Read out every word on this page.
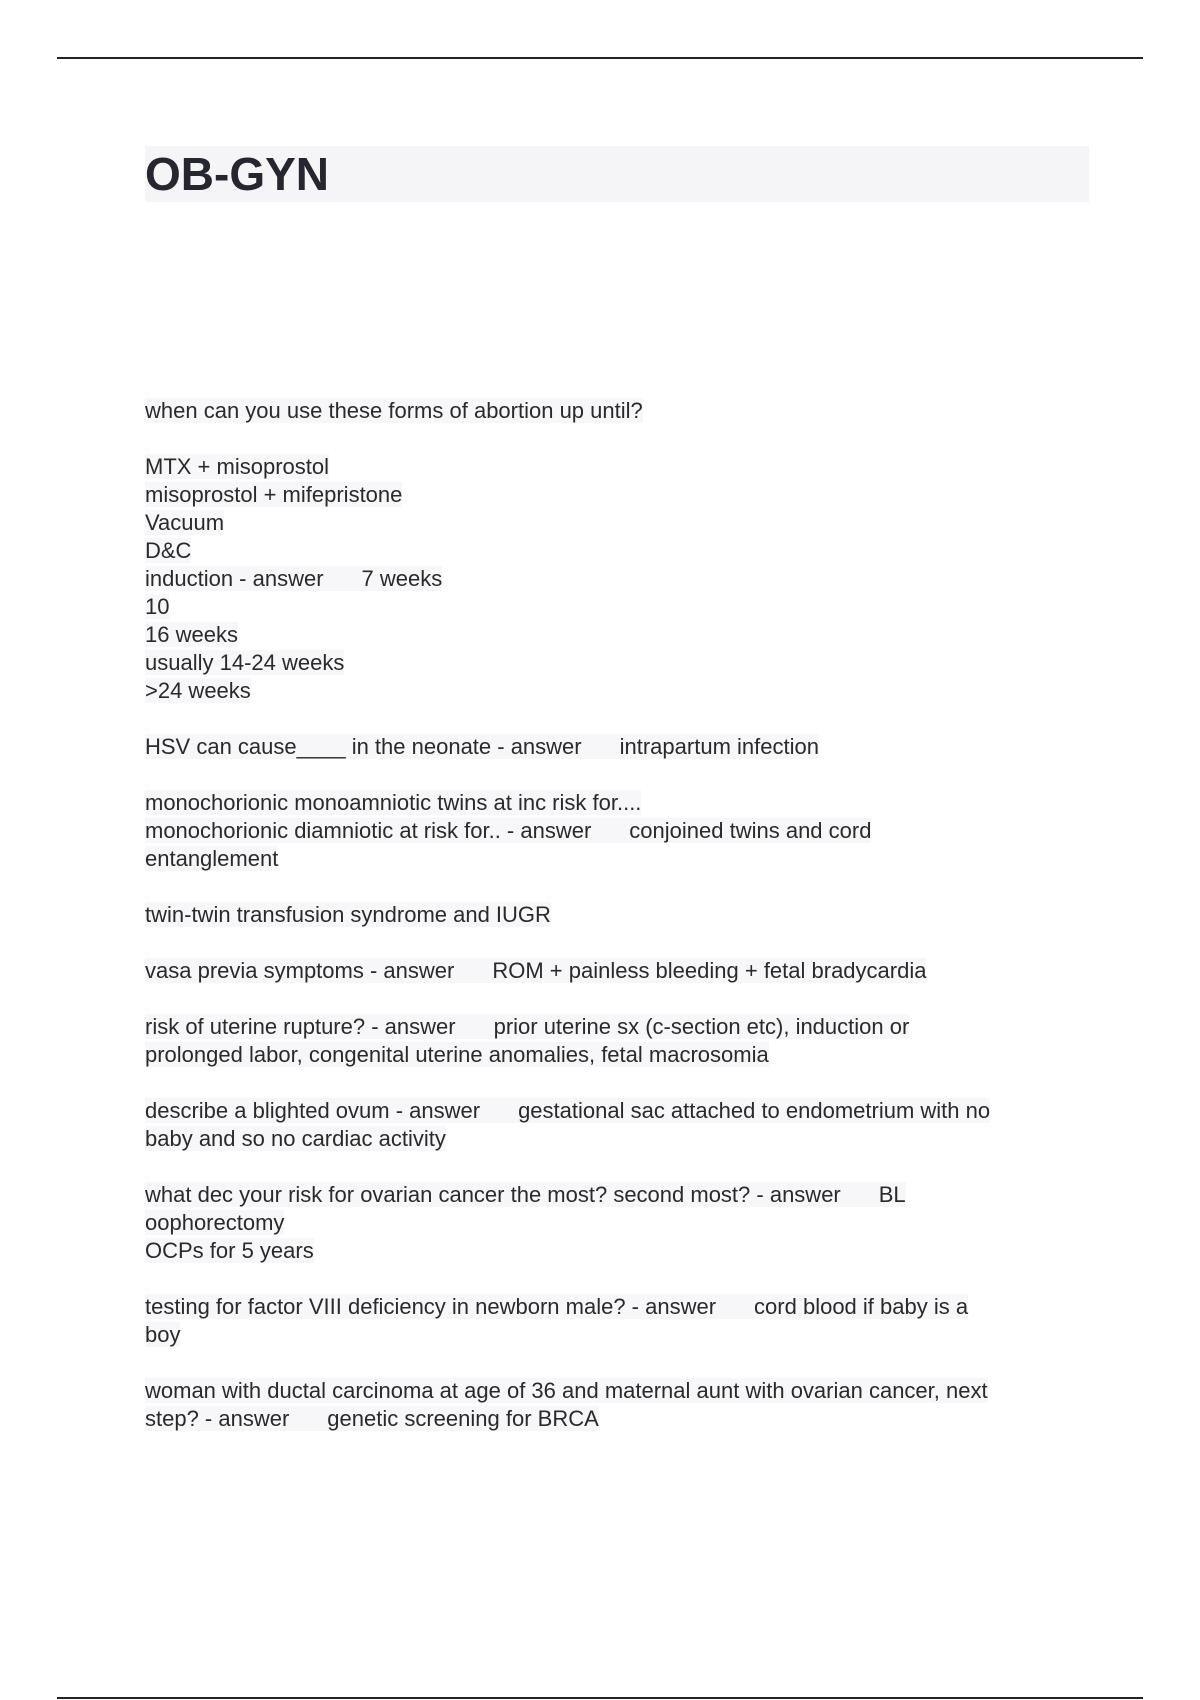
OB-GYN
when can you use these forms of abortion up until?
MTX + misoprostol
misoprostol + mifepristone
Vacuum
D&C
induction - answer 7 weeks
10
16 weeks
usually 14-24 weeks
>24 weeks
HSV can cause____ in the neonate - answer intrapartum infection
monochorionic monoamniotic twins at inc risk for....
monochorionic diamniotic at risk for.. - answer conjoined twins and cord
entanglement
twin-twin transfusion syndrome and IUGR
vasa previa symptoms - answer ROM + painless bleeding + fetal bradycardia
risk of uterine rupture? - answer prior uterine sx (c-section etc), induction or
prolonged labor, congenital uterine anomalies, fetal macrosomia
describe a blighted ovum - answer gestational sac attached to endometrium with no
baby and so no cardiac activity
what dec your risk for ovarian cancer the most? second most? - answer BL
oophorectomy
OCPs for 5 years
testing for factor VIII deficiency in newborn male? - answer cord blood if baby is a
boy
woman with ductal carcinoma at age of 36 and maternal aunt with ovarian cancer, next
step? - answer genetic screening for BRCA
